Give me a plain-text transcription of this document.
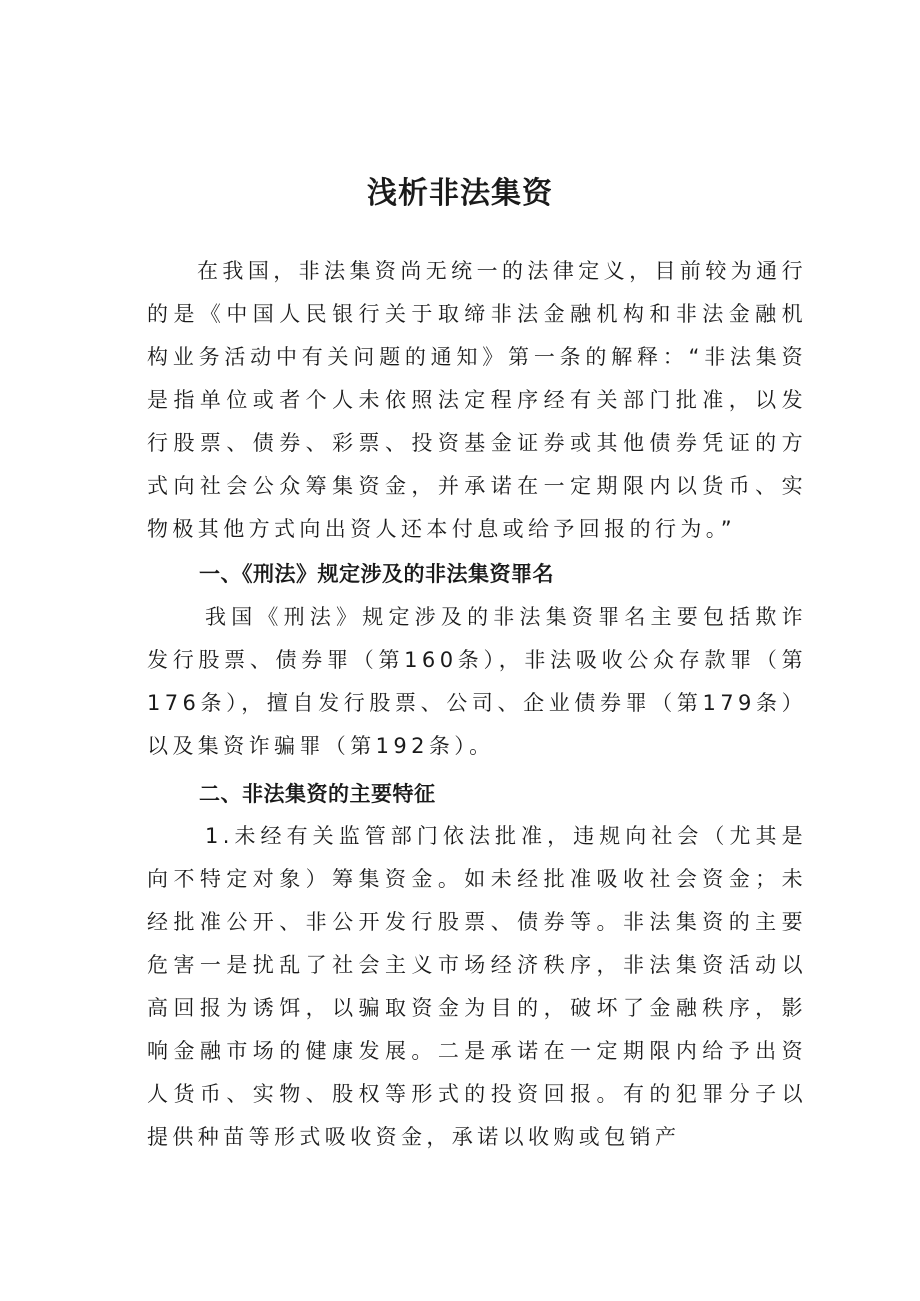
浅析非法集资

在我国，非法集资尚无统一的法律定义，目前较为通行的是《中国人民银行关于取缔非法金融机构和非法金融机构业务活动中有关问题的通知》第一条的解释：“非法集资是指单位或者个人未依照法定程序经有关部门批准，以发行股票、债券、彩票、投资基金证券或其他债券凭证的方式向社会公众筹集资金，并承诺在一定期限内以货币、实物极其他方式向出资人还本付息或给予回报的行为。”

一、《刑法》规定涉及的非法集资罪名

我国《刑法》规定涉及的非法集资罪名主要包括欺诈发行股票、债券罪（第160条），非法吸收公众存款罪（第176条），擅自发行股票、公司、企业债券罪（第179条）以及集资诈骗罪（第192条）。

二、非法集资的主要特征

1.未经有关监管部门依法批准，违规向社会（尤其是向不特定对象）筹集资金。如未经批准吸收社会资金；未经批准公开、非公开发行股票、债券等。非法集资的主要危害一是扰乱了社会主义市场经济秩序，非法集资活动以高回报为诱饵，以骗取资金为目的，破坏了金融秩序，影响金融市场的健康发展。二是承诺在一定期限内给予出资人货币、实物、股权等形式的投资回报。有的犯罪分子以提供种苗等形式吸收资金，承诺以收购或包销产
